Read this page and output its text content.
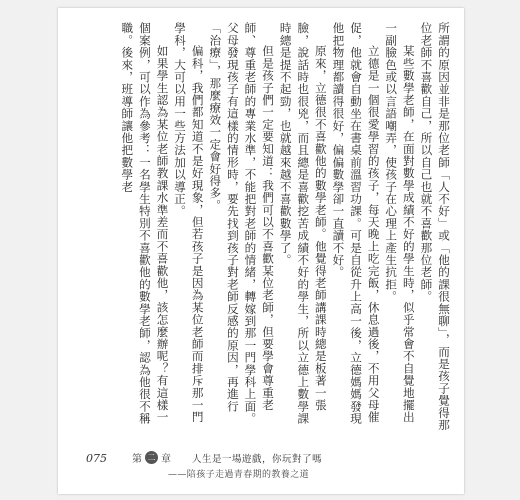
所謂的原因並非是那位老師「人不好」或「他的課很無聊」，而是孩子覺得那位老師不喜歡自己，所以自己也就不喜歡那位老師。

某些數學老師，在面對數學成績不好的學生時，似乎常會不自覺地擺出一副臉色或以言語嘲弄，使孩子在心理上產生抗拒。

立德是一個很愛學習的孩子，每天晚上吃完飯，休息過後，不用父母催促，他就會自動坐在書桌前溫習功課。可是自從升上高一後，立德媽媽發現他把物理都讀得很好，偏偏數學卻一直讀不好。

原來，立德很不喜歡他的數學老師。他覺得老師講課時總是板著一張臉，說話時也很兇，而且總是喜歡挖苦成績不好的學生，所以立德上數學課時總是提不起勁，也就越來越不喜歡數學了。

但是孩子們一定要知道：我們可以不喜歡某位老師，但要學會尊重老師、尊重老師的專業水準，不能把對老師的情緒，轉嫁到那一門學科上面。父母發現孩子有這樣的情形時，要先找到孩子對老師反感的原因，再進行「治療」，那麼療效一定會好得多。

偏科，我們都知道不是好現象，但若孩子是因為某位老師而排斥那一門學科，大可以用一些方法加以導正。

如果學生認為某位老師教課水準差而不喜歡他，該怎麼辦呢？有這樣一個案例，可以作為參考：一名學生特別不喜歡他的數學老師，認為他很不稱職。後來，班導師讓他把數學老

075	第 二 章 人生是一場遊戲，你玩對了嗎
——陪孩子走過青春期的教養之道
